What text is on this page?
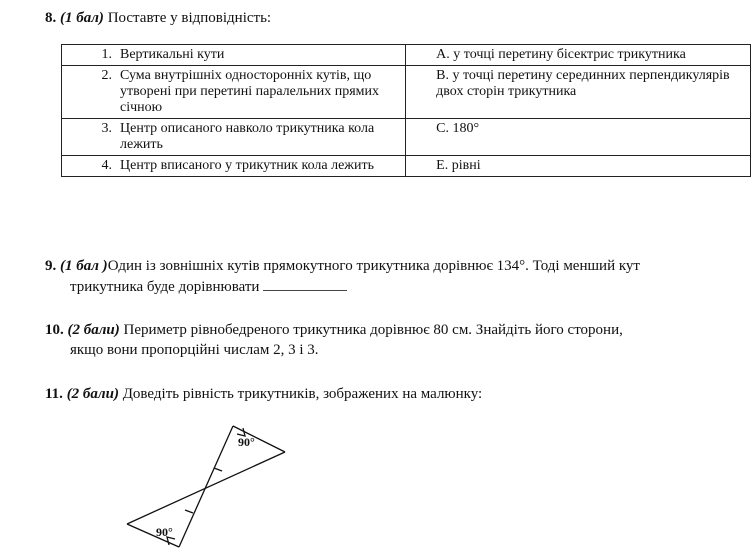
8. (1 бал) Поставте у відповідність:
1. Вертикальні кути	А. у точці перетину бісектрис трикутника

2. Сума внутрішніх односторонніх кутів, що утворені при перетині паралельних прямих січною	В. у точці перетину серединних перпендикулярів двох сторін трикутника

3. Центр описаного навколо трикутника кола лежить	С. 180°

4. Центр вписаного у трикутник кола лежить	Е. рівні
9. (1 бал )Один із зовнішніх кутів прямокутного трикутника дорівнює 134°. Тоді менший кут
трикутника буде дорівнювати
10. (2 бали) Периметр рівнобедреного трикутника дорівнює 80 см. Знайдіть його сторони,
якщо вони пропорційні числам 2, 3 і 3.
11. (2 бали) Доведіть рівність трикутників, зображених на малюнку:
90°
90°
